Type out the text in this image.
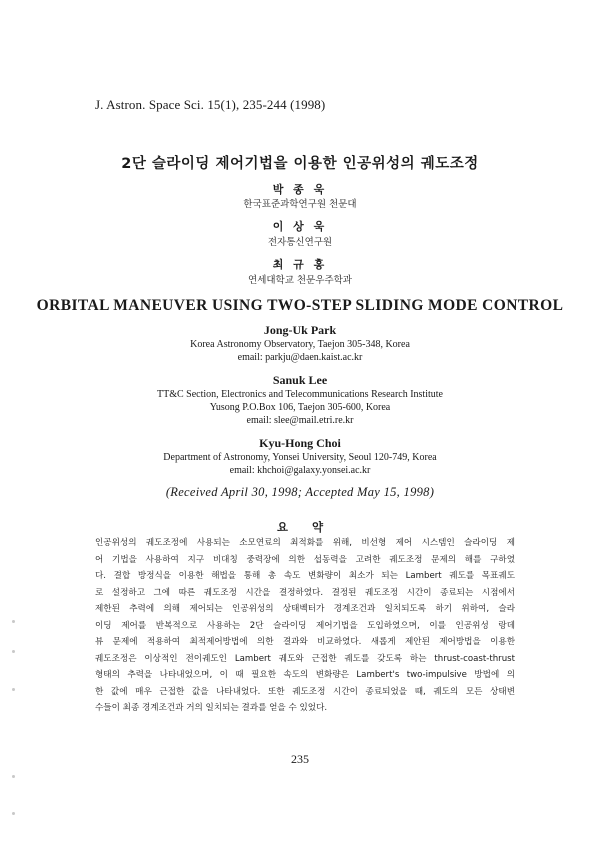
J. Astron. Space Sci. 15(1), 235-244 (1998)
2단 슬라이딩 제어기법을 이용한 인공위성의 궤도조정
박 종 욱
한국표준과학연구원 천문대
이 상 욱
전자통신연구원
최 규 홍
연세대학교 천문우주학과
ORBITAL MANEUVER USING TWO-STEP SLIDING MODE CONTROL
Jong-Uk Park
Korea Astronomy Observatory, Taejon 305-348, Korea
email: parkju@daen.kaist.ac.kr
Sanuk Lee
TT&C Section, Electronics and Telecommunications Research Institute
Yusong P.O.Box 106, Taejon 305-600, Korea
email: slee@mail.etri.re.kr
Kyu-Hong Choi
Department of Astronomy, Yonsei University, Seoul 120-749, Korea
email: khchoi@galaxy.yonsei.ac.kr
(Received April 30, 1998; Accepted May 15, 1998)
요 약
인공위성의 궤도조정에 사용되는 소모연료의 최적화를 위해, 비선형 제어 시스템인 슬라이딩 제
어 기법을 사용하여 지구 비대칭 중력장에 의한 섭동력을 고려한 궤도조정 문제의 해를 구하였
다. 결합 방정식을 이용한 해법을 통해 총 속도 변화량이 최소가 되는 Lambert 궤도를 목표궤도
로 설정하고 그에 따른 궤도조정 시간을 결정하였다. 결정된 궤도조정 시간이 종료되는 시점에서
제한된 추력에 의해 제어되는 인공위성의 상태벡터가 경계조건과 일치되도록 하기 위하여, 슬라
이딩 제어를 반복적으로 사용하는 2단 슬라이딩 제어기법을 도입하였으며, 이를 인공위성 랑데
뷰 문제에 적용하여 최적제어방법에 의한 결과와 비교하였다. 새롭게 제안된 제어방법을 이용한
궤도조정은 이상적인 전이궤도인 Lambert 궤도와 근접한 궤도를 갖도록 하는 thrust-coast-thrust
형태의 추력을 나타내었으며, 이 때 필요한 속도의 변화량은 Lambert's two-impulsive 방법에 의
한 값에 매우 근접한 값을 나타내었다. 또한 궤도조정 시간이 종료되었을 때, 궤도의 모든 상태변
수들이 최종 경계조건과 거의 일치되는 결과를 얻을 수 있었다.
235
